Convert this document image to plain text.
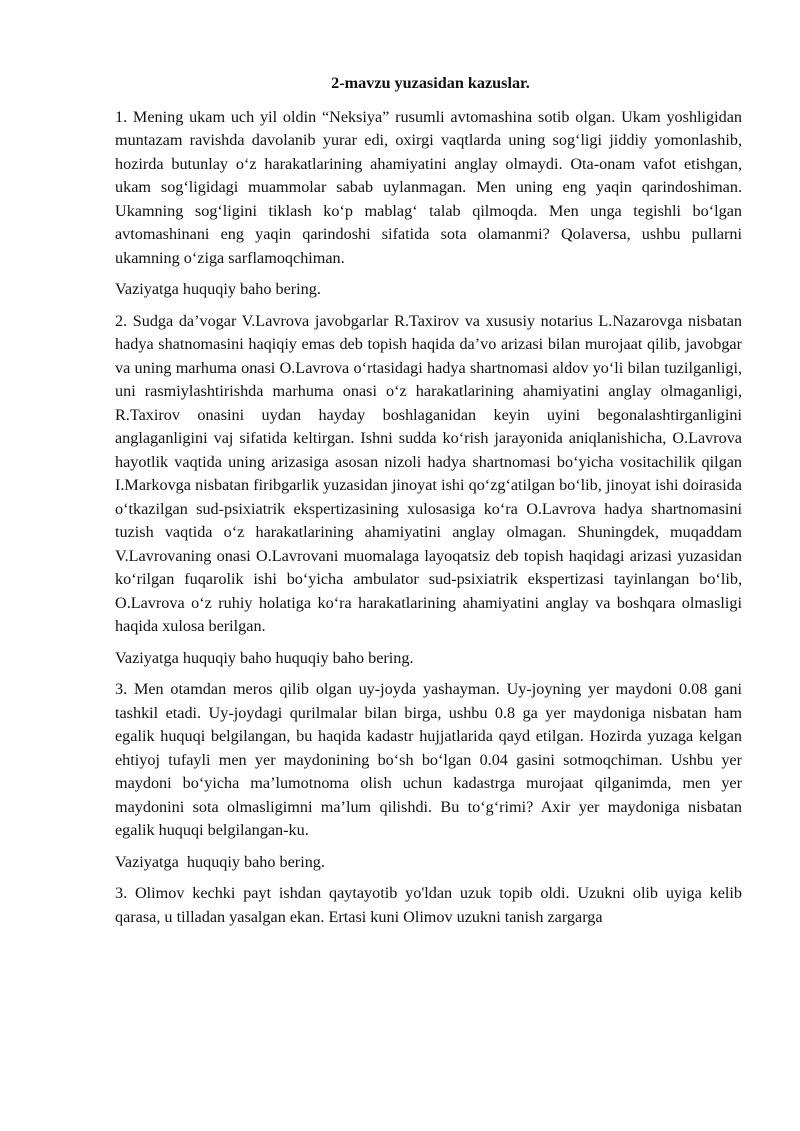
2-mavzu yuzasidan kazuslar.
1. Mening ukam uch yil oldin “Neksiya” rusumli avtomashina sotib olgan. Ukam yoshligidan muntazam ravishda davolanib yurar edi, oxirgi vaqtlarda uning sog‘ligi jiddiy yomonlashib, hozirda butunlay o‘z harakatlarining ahamiyatini anglay olmaydi. Ota-onam vafot etishgan, ukam sog‘ligidagi muammolar sabab uylanmagan. Men uning eng yaqin qarindoshiman. Ukamning sog‘ligini tiklash ko‘p mablag‘ talab qilmoqda. Men unga tegishli bo‘lgan avtomashinani eng yaqin qarindoshi sifatida sota olamanmi? Qolaversa, ushbu pullarni ukamning o‘ziga sarflamoqchiman.
Vaziyatga huquqiy baho bering.
2. Sudga da’vogar V.Lavrova javobgarlar R.Taxirov va xususiy notarius L.Nazarovga nisbatan hadya shatnomasini haqiqiy emas deb topish haqida da’vo arizasi bilan murojaat qilib, javobgar va uning marhuma onasi O.Lavrova o‘rtasidagi hadya shartnomasi aldov yo‘li bilan tuzilganligi, uni rasmiylashtirishda marhuma onasi o‘z harakatlarining ahamiyatini anglay olmaganligi, R.Taxirov onasini uydan hayday boshlaganidan keyin uyini begonalashtirganligini anglaganligini vaj sifatida keltirgan. Ishni sudda ko‘rish jarayonida aniqlanishicha, O.Lavrova hayotlik vaqtida uning arizasiga asosan nizoli hadya shartnomasi bo‘yicha vositachilik qilgan I.Markovga nisbatan firibgarlik yuzasidan jinoyat ishi qo‘zg‘atilgan bo‘lib, jinoyat ishi doirasida o‘tkazilgan sud-psixiatrik ekspertizasining xulosasiga ko‘ra O.Lavrova hadya shartnomasini tuzish vaqtida o‘z harakatlarining ahamiyatini anglay olmagan. Shuningdek, muqaddam V.Lavrovaning onasi O.Lavrovani muomalaga layoqatsiz deb topish haqidagi arizasi yuzasidan ko‘rilgan fuqarolik ishi bo‘yicha ambulator sud-psixiatrik ekspertizasi tayinlangan bo‘lib, O.Lavrova o‘z ruhiy holatiga ko‘ra harakatlarining ahamiyatini anglay va boshqara olmasligi haqida xulosa berilgan.
Vaziyatga huquqiy baho huquqiy baho bering.
3. Men otamdan meros qilib olgan uy-joyda yashayman. Uy-joyning yer maydoni 0.08 gani tashkil etadi. Uy-joydagi qurilmalar bilan birga, ushbu 0.8 ga yer maydoniga nisbatan ham egalik huquqi belgilangan, bu haqida kadastr hujjatlarida qayd etilgan. Hozirda yuzaga kelgan ehtiyoj tufayli men yer maydonining bo‘sh bo‘lgan 0.04 gasini sotmoqchiman. Ushbu yer maydoni bo‘yicha ma’lumotnoma olish uchun kadastrga murojaat qilganimda, men yer maydonini sota olmasligimni ma’lum qilishdi. Bu to‘g‘rimi? Axir yer maydoniga nisbatan egalik huquqi belgilangan-ku.
Vaziyatga  huquqiy baho bering.
3. Olimov kechki payt ishdan qaytayotib yo'ldan uzuk topib oldi. Uzukni olib uyiga kelib qarasa, u tilladan yasalgan ekan. Ertasi kuni Olimov uzukni tanish zargarga
